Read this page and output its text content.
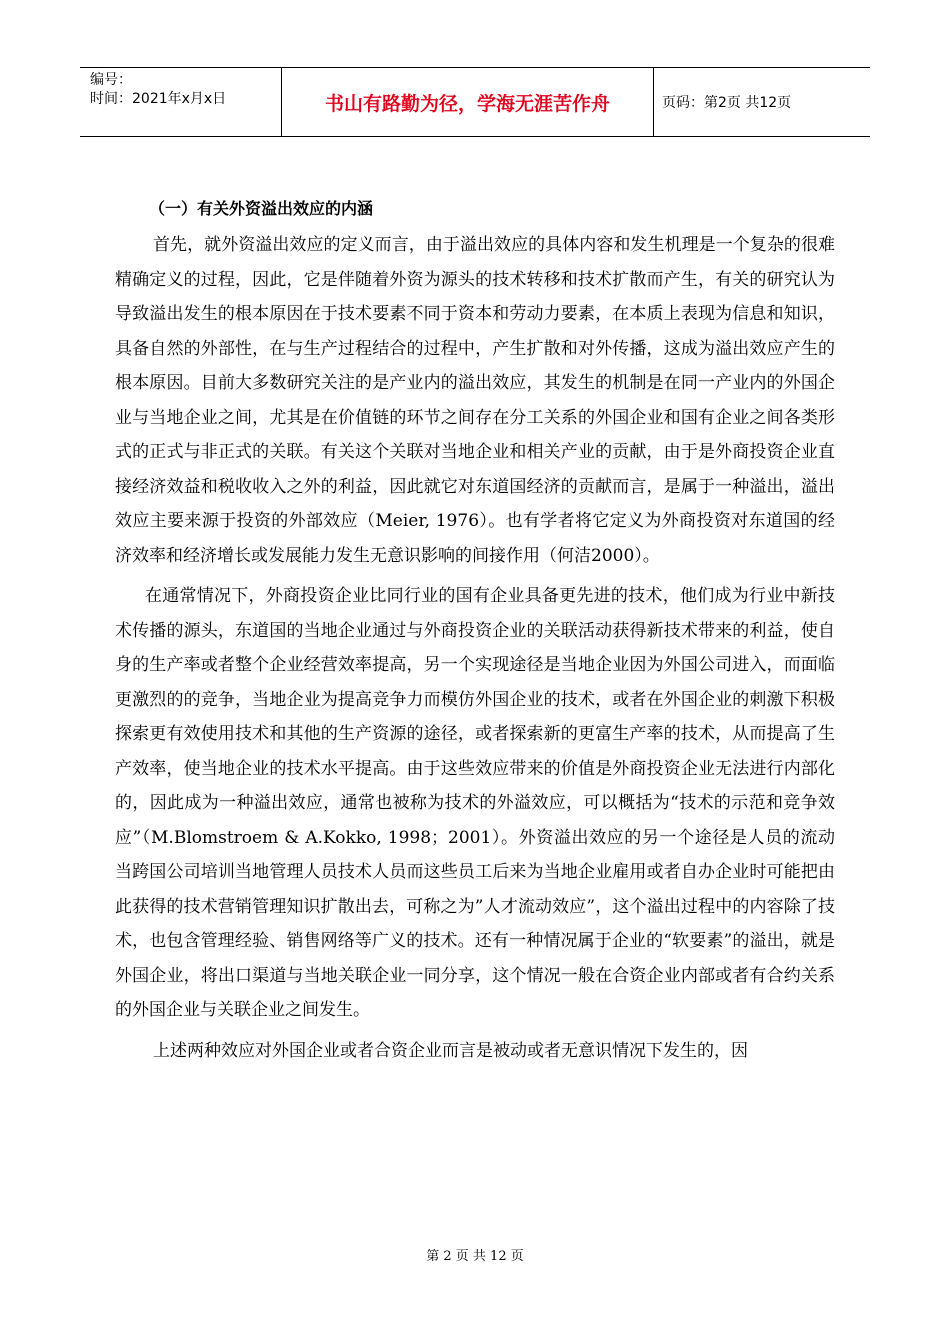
编号：
时间：2021年x月x日	书山有路勤为径，学海无涯苦作舟	页码：第2页 共12页
（一）有关外资溢出效应的内涵

首先，就外资溢出效应的定义而言，由于溢出效应的具体内容和发生机理是一个复杂的很难精确定义的过程，因此，它是伴随着外资为源头的技术转移和技术扩散而产生，有关的研究认为导致溢出发生的根本原因在于技术要素不同于资本和劳动力要素，在本质上表现为信息和知识，具备自然的外部性，在与生产过程结合的过程中，产生扩散和对外传播，这成为溢出效应产生的根本原因。目前大多数研究关注的是产业内的溢出效应，其发生的机制是在同一产业内的外国企业与当地企业之间，尤其是在价值链的环节之间存在分工关系的外国企业和国有企业之间各类形式的正式与非正式的关联。有关这个关联对当地企业和相关产业的贡献，由于是外商投资企业直接经济效益和税收收入之外的利益，因此就它对东道国经济的贡献而言，是属于一种溢出，溢出效应主要来源于投资的外部效应（Meier, 1976）。也有学者将它定义为外商投资对东道国的经济效率和经济增长或发展能力发生无意识影响的间接作用（何洁2000）。

在通常情况下，外商投资企业比同行业的国有企业具备更先进的技术，他们成为行业中新技术传播的源头，东道国的当地企业通过与外商投资企业的关联活动获得新技术带来的利益，使自身的生产率或者整个企业经营效率提高，另一个实现途径是当地企业因为外国公司进入，而面临更激烈的的竞争，当地企业为提高竞争力而模仿外国企业的技术，或者在外国企业的刺激下积极探索更有效使用技术和其他的生产资源的途径，或者探索新的更富生产率的技术，从而提高了生产效率，使当地企业的技术水平提高。由于这些效应带来的价值是外商投资企业无法进行内部化的，因此成为一种溢出效应，通常也被称为技术的外溢效应，可以概括为“技术的示范和竞争效应”（M.Blomstroem & A.Kokko, 1998；2001）。外资溢出效应的另一个途径是人员的流动当跨国公司培训当地管理人员技术人员而这些员工后来为当地企业雇用或者自办企业时可能把由此获得的技术营销管理知识扩散出去，可称之为”人才流动效应”，这个溢出过程中的内容除了技术，也包含管理经验、销售网络等广义的技术。还有一种情况属于企业的“软要素”的溢出，就是外国企业，将出口渠道与当地关联企业一同分享，这个情况一般在合资企业内部或者有合约关系的外国企业与关联企业之间发生。

上述两种效应对外国企业或者合资企业而言是被动或者无意识情况下发生的，因

第 2 页 共 12 页
